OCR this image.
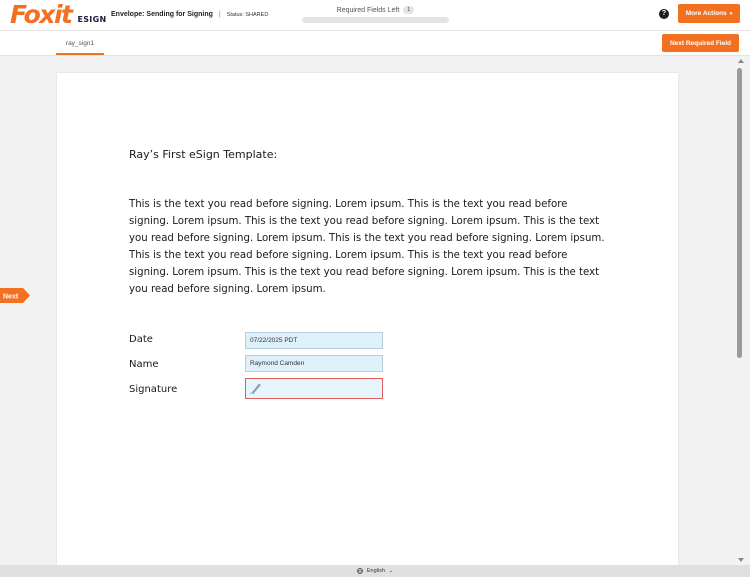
Foxit ESIGN
Envelope: Sending for Signing | Status: SHARED
Required Fields Left	1	?	More Actions ▾
ray_sign1	Next Required Field
Ray’s First eSign Template:
This is the text you read before signing. Lorem ipsum. This is the text you read before signing. Lorem ipsum. This is the text you read before signing. Lorem ipsum. This is the text you read before signing. Lorem ipsum. This is the text you read before signing. Lorem ipsum. This is the text you read before signing. Lorem ipsum. This is the text you read before signing. Lorem ipsum. This is the text you read before signing. Lorem ipsum. This is the text you read before signing. Lorem ipsum.
Date	07/22/2025 PDT
Name	Raymond Camden
Signature
Next
English ⌄
